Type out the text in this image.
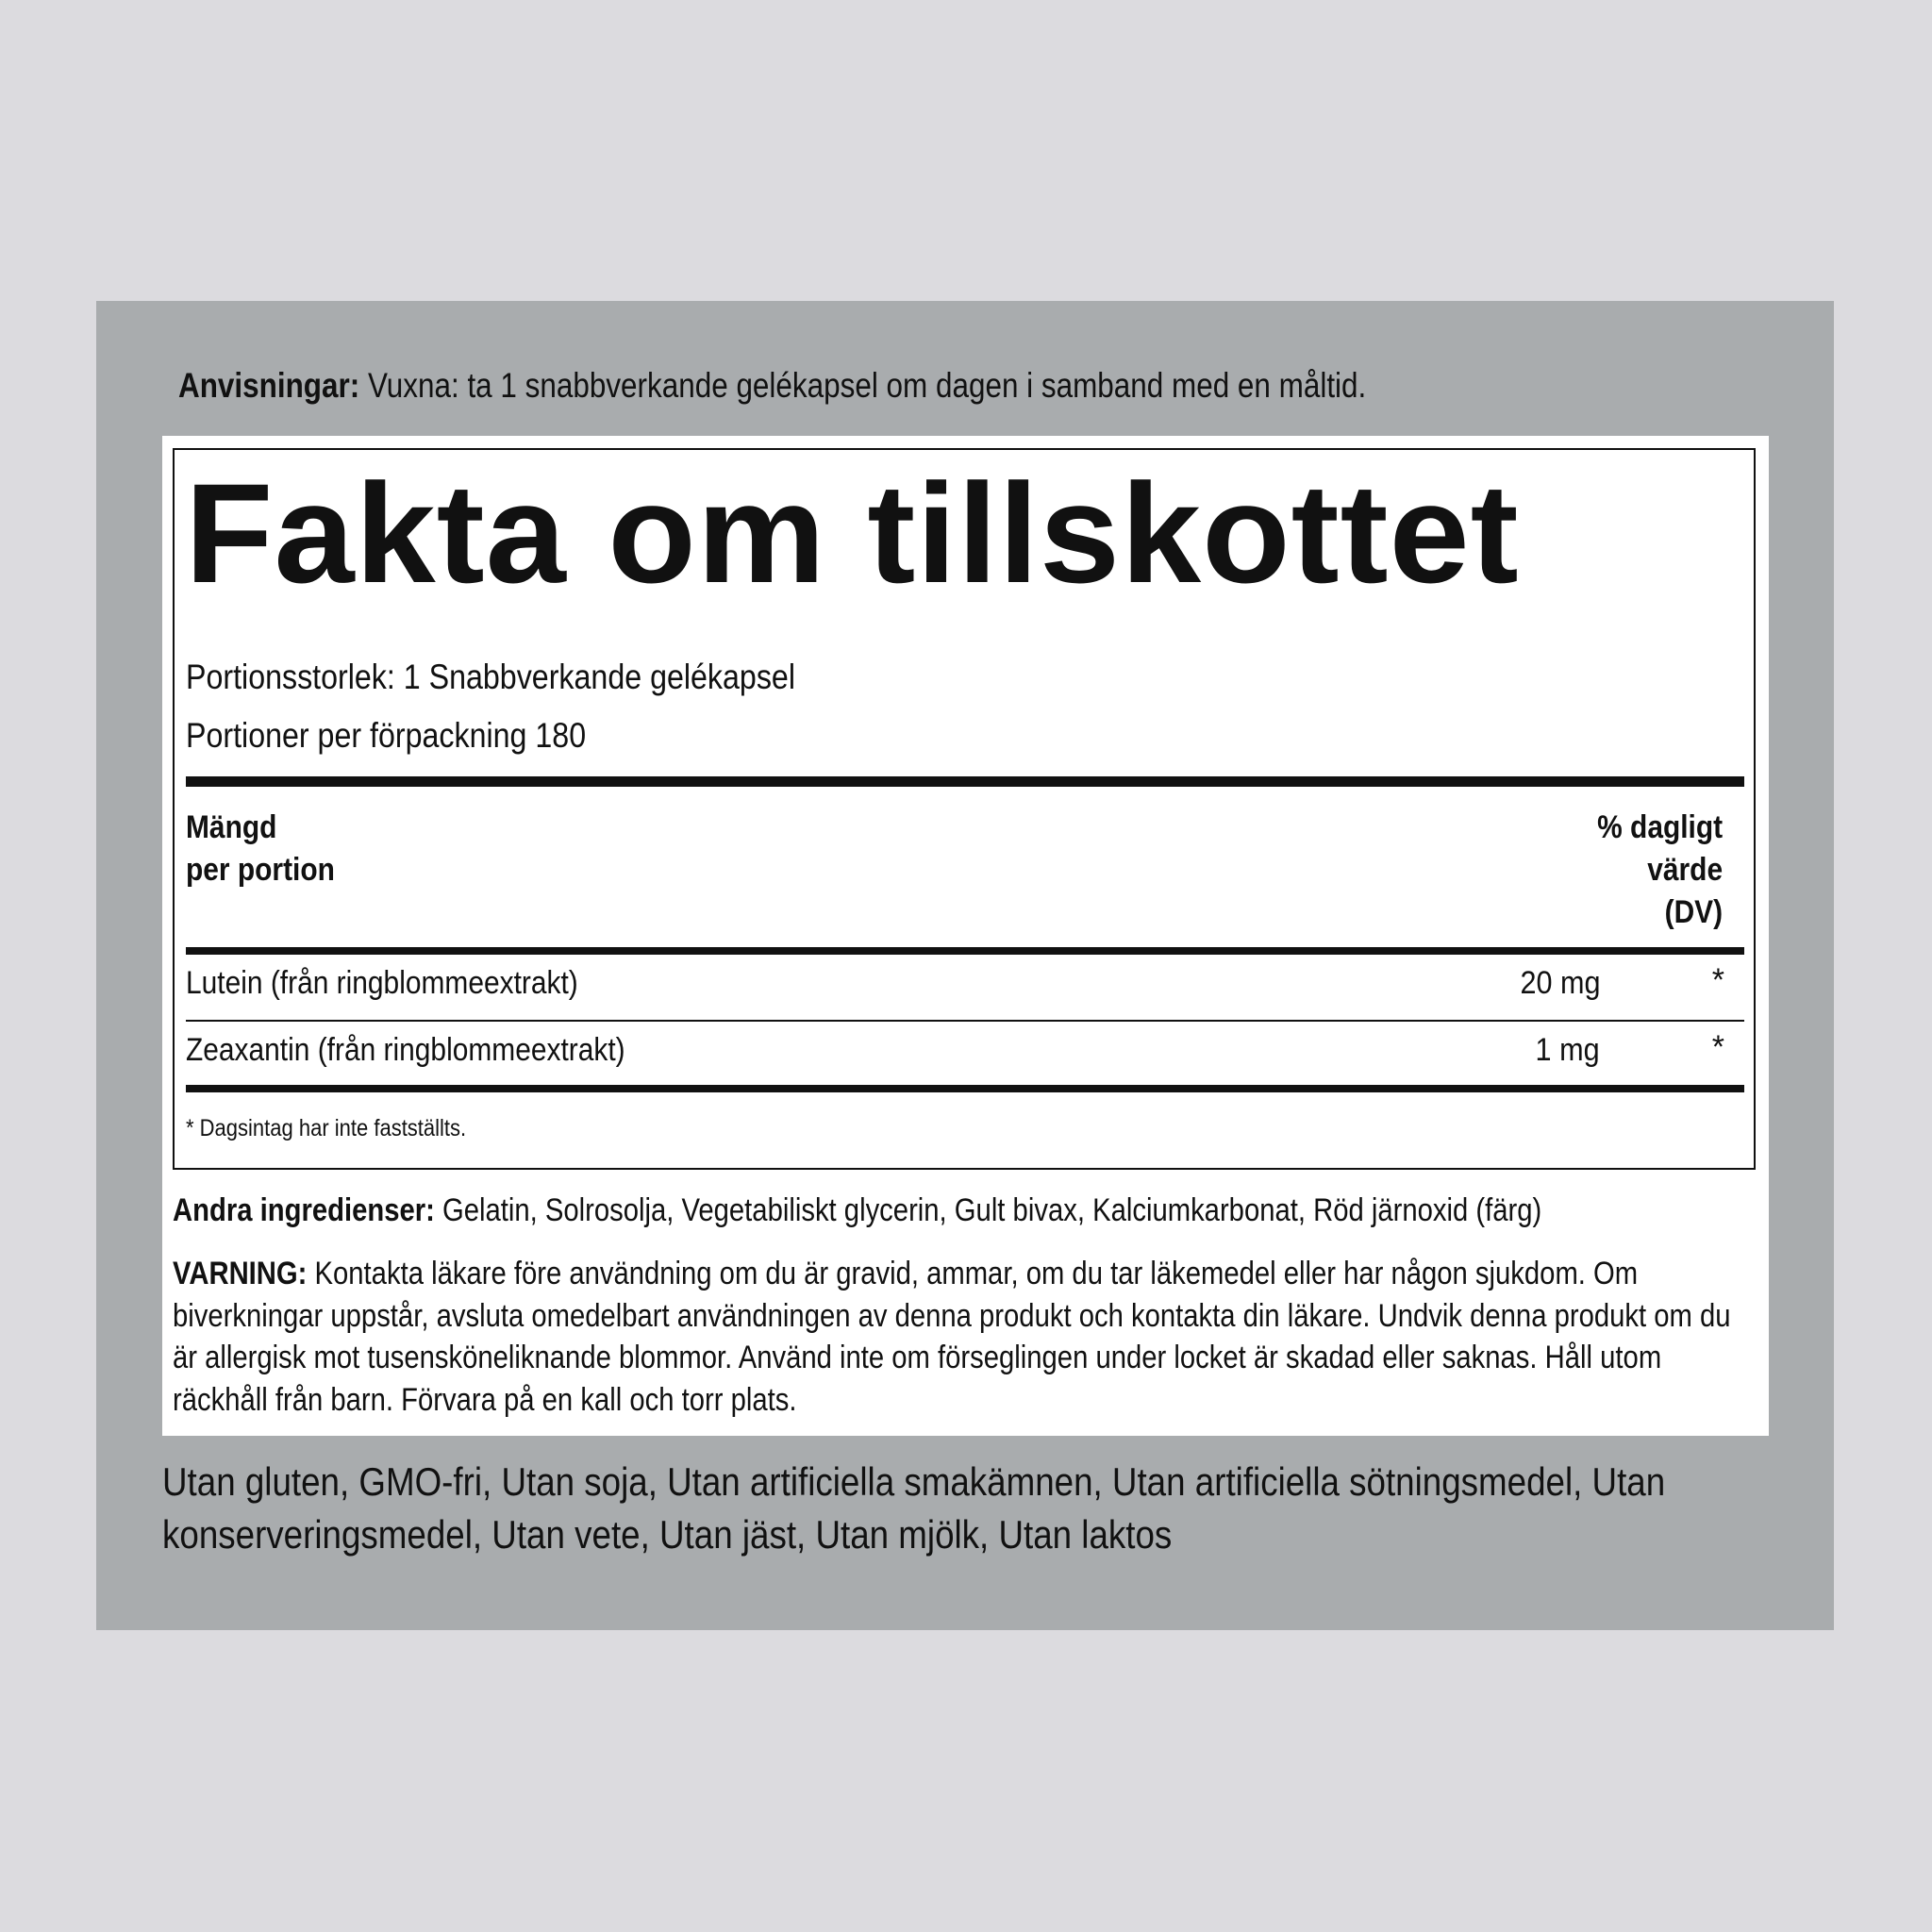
Anvisningar: Vuxna: ta 1 snabbverkande gelékapsel om dagen i samband med en måltid.
Fakta om tillskottet
Portionsstorlek: 1 Snabbverkande gelékapsel
Portioner per förpackning 180
Mängd
per portion
% dagligt
värde
(DV)
Lutein (från ringblommeextrakt)	20 mg	*
Zeaxantin (från ringblommeextrakt)	1 mg	*
* Dagsintag har inte fastställts.
Andra ingredienser: Gelatin, Solrosolja, Vegetabiliskt glycerin, Gult bivax, Kalciumkarbonat, Röd järnoxid (färg)
VARNING: Kontakta läkare före användning om du är gravid, ammar, om du tar läkemedel eller har någon sjukdom. Om biverkningar uppstår, avsluta omedelbart användningen av denna produkt och kontakta din läkare. Undvik denna produkt om du är allergisk mot tusensköneliknande blommor. Använd inte om förseglingen under locket är skadad eller saknas. Håll utom räckhåll från barn. Förvara på en kall och torr plats.
Utan gluten, GMO-fri, Utan soja, Utan artificiella smakämnen, Utan artificiella sötningsmedel, Utan konserveringsmedel, Utan vete, Utan jäst, Utan mjölk, Utan laktos
